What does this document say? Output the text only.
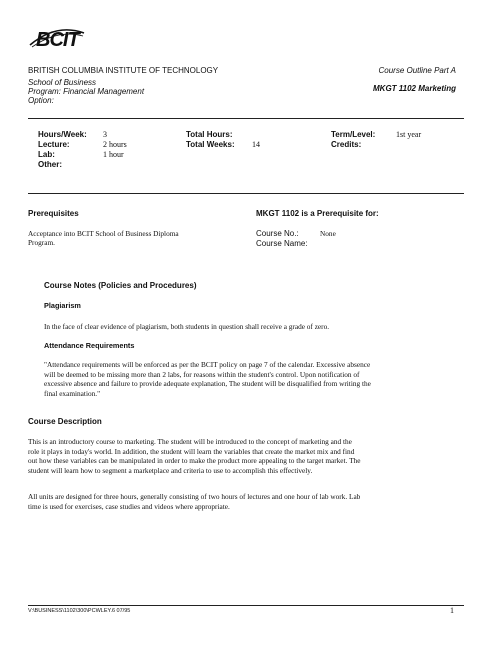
BCIT
BRITISH COLUMBIA INSTITUTE OF TECHNOLOGY	Course Outline Part A
School of Business
Program: Financial Management	MKGT 1102 Marketing
Option:
Hours/Week: 3
Lecture:	2 hours
Lab:	1 hour
Other:
Total Hours:
Total Weeks: 14
Term/Level:	1st year
Credits:
Prerequisites
Acceptance into BCIT School of Business Diploma
Program.
MKGT 1102 is a Prerequisite for:
Course No.:	None
Course Name:
Course Notes (Policies and Procedures)
Plagiarism
In the face of clear evidence of plagiarism, both students in question shall receive a grade of zero.
Attendance Requirements
"Attendance requirements will be enforced as per the BCIT policy on page 7 of the calendar. Excessive absence
will be deemed to be missing more than 2 labs, for reasons within the student's control. Upon notification of
excessive absence and failure to provide adequate explanation, The student will be disqualified from writing the
final examination."
Course Description
This is an introductory course to marketing. The student will be introduced to the concept of marketing and the
role it plays in today's world. In addition, the student will learn the variables that create the market mix and find
out how these variables can be manipulated in order to make the product more appealing to the target market. The
student will learn how to segment a marketplace and criteria to use to accomplish this effectively.
All units are designed for three hours, generally consisting of two hours of lectures and one hour of lab work. Lab
time is used for exercises, case studies and videos where appropriate.
V:\BUSINESS\1102\300\PCWLEY.6 07/95	1
